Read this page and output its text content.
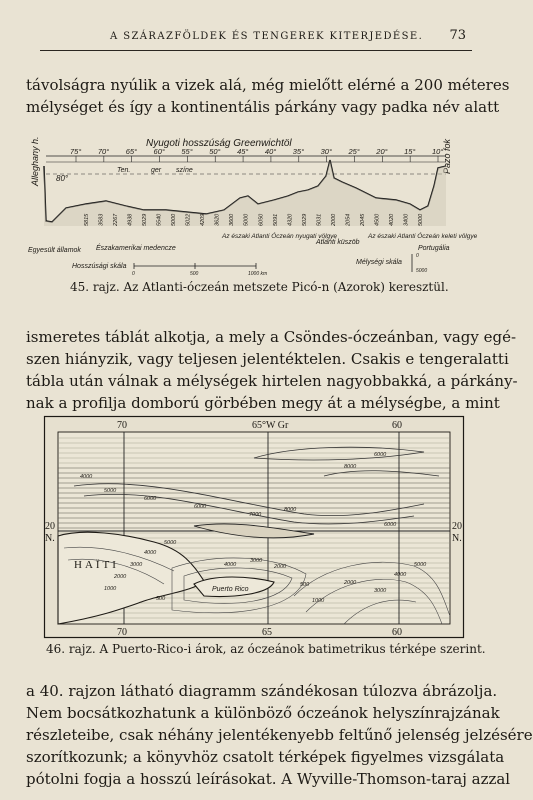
A SZÁRAZFÖLDEK ÉS TENGEREK KITERJEDÉSE. 73
távolságra nyúlik a vizek alá, még mielőtt elérné a 200 méteres
mélységet és így a kontinentális párkány vagy padka név alatt
Alleghany h.	Pazo fok
Nyugoti hosszúság Greenwichtöl
75° 70° 65° 60° 55° 50° 45° 40° 35° 30° 25° 20° 15° 10°
Ten.	ger színe
80°
5815 3583 2267 4938 5029 5540 5000 5022 4209 3620 3600 5000 6050 5091 4320 5029 5031 2000 2054 2045 4500 4020 3400 5000
Egyesült államok Északamerikai medencze
Az északi Atlanti Óczeán nyugati völgye
Atlanti küszöb
Az északi Atlanti Óczeán keleti völgye
Portugália
Hosszúsági skála
0	500	1000 km
Mélységi skála
0
5000
45. rajz. Az Atlanti-óczeán metszete Picó-n (Azorok) keresztül.
ismeretes táblát alkotja, a mely a Csöndes-óczeánban, vagy egé-
szen hiányzik, vagy teljesen jelentéktelen. Csakis e tengeralatti
tábla után válnak a mélységek hirtelen nagyobbakká, a párkány-
nak a profilja domború görbében megy át a mélységbe, a mint
70	65°W Gr	60
70	65	60
20 N.
20 N.
HAÏTI
Puerto Rico
4000
5000
6000
6000
7000
8000
8000
6000
5000
4000
3000
2000
1000
500
4000
3000
2000
500
1000
2000
3000
4000
5000
6000
46. rajz. A Puerto-Rico-i árok, az óczeánok batimetrikus térképe szerint.
a 40. rajzon látható diagramm szándékosan túlozva ábrázolja.
Nem bocsátkozhatunk a különböző óczeánok helyszínrajzának
részleteibe, csak néhány jelentékenyebb feltűnő jelenség jelzésére
szorítkozunk; a könyvhöz csatolt térképek figyelmes vizsgálata
pótolni fogja a hosszú leírásokat. A Wyville-Thomson-taraj azzal
